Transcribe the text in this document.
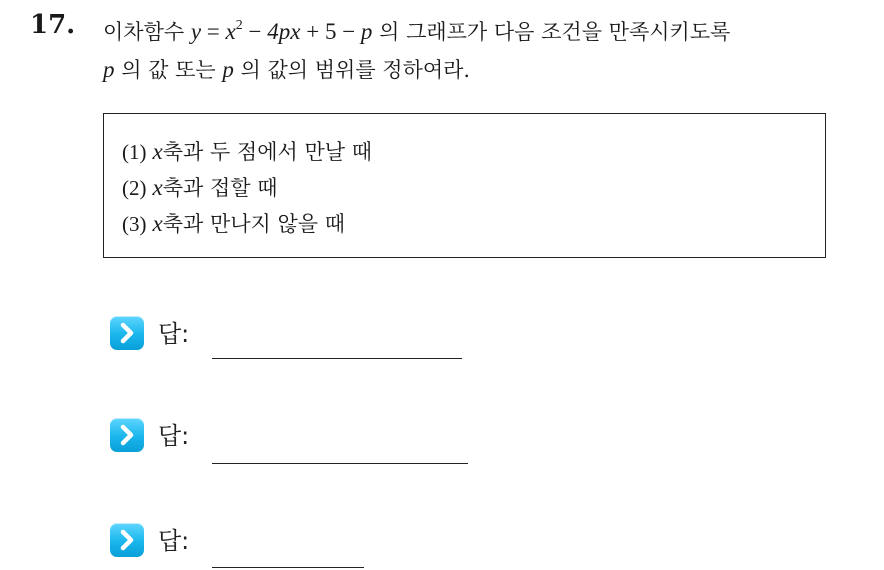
17. 이차함수 $y = x^2 - 4px + 5 - p$ 의 그래프가 다음 조건을 만족시키도록
p 의 값 또는 p 의 값의 범위를 정하여라.
(1) x축과 두 점에서 만날 때
(2) x축과 접할 때
(3) x축과 만나지 않을 때
답:
답:
답:
